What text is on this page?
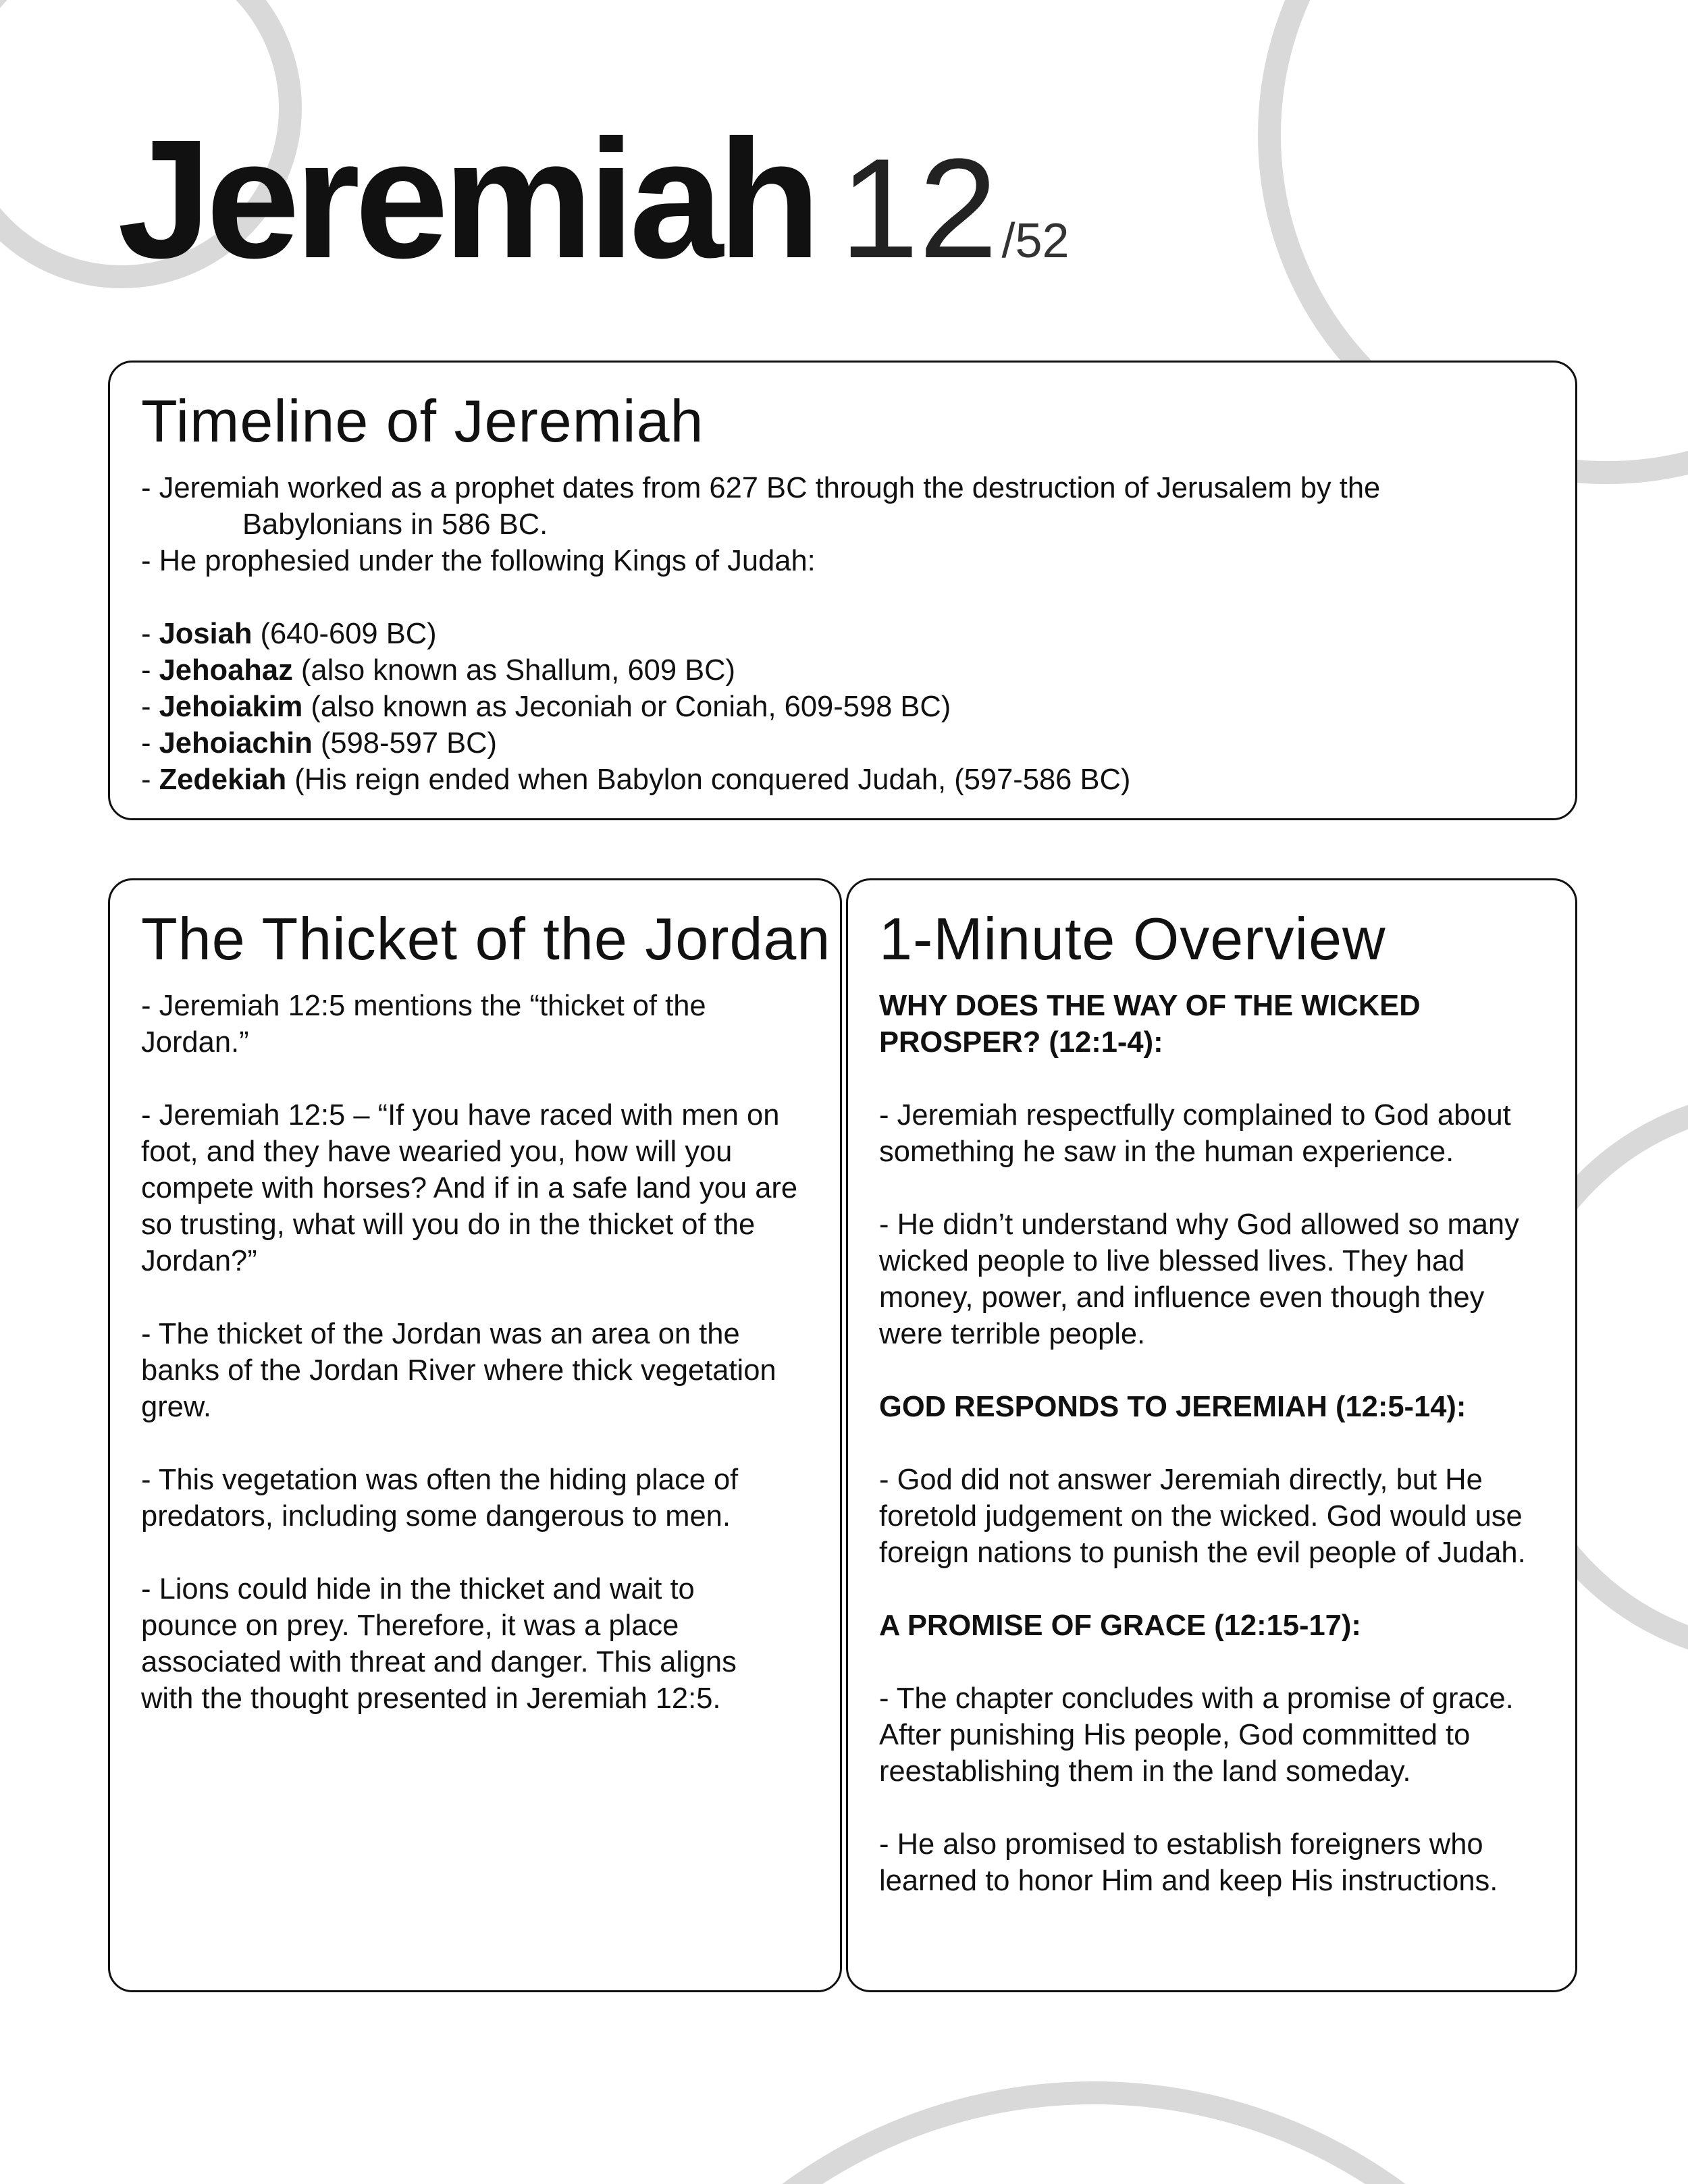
Jeremiah 12/52
Timeline of Jeremiah

- Jeremiah worked as a prophet dates from 627 BC through the destruction of Jerusalem by the

Babylonians in 586 BC.

- He prophesied under the following Kings of Judah:

- Josiah (640-609 BC)

- Jehoahaz (also known as Shallum, 609 BC)

- Jehoiakim (also known as Jeconiah or Coniah, 609-598 BC)

- Jehoiachin (598-597 BC)

- Zedekiah (His reign ended when Babylon conquered Judah, (597-586 BC)

The Thicket of the Jordan

- Jeremiah 12:5 mentions the “thicket of the

Jordan.”

- Jeremiah 12:5 – “If you have raced with men on

foot, and they have wearied you, how will you

compete with horses? And if in a safe land you are

so trusting, what will you do in the thicket of the

Jordan?”

- The thicket of the Jordan was an area on the

banks of the Jordan River where thick vegetation

grew.

- This vegetation was often the hiding place of

predators, including some dangerous to men.

- Lions could hide in the thicket and wait to

pounce on prey. Therefore, it was a place

associated with threat and danger. This aligns

with the thought presented in Jeremiah 12:5.

1-Minute Overview

WHY DOES THE WAY OF THE WICKED

PROSPER? (12:1-4):

- Jeremiah respectfully complained to God about

something he saw in the human experience.

- He didn’t understand why God allowed so many

wicked people to live blessed lives. They had

money, power, and influence even though they

were terrible people.

GOD RESPONDS TO JEREMIAH (12:5-14):

- God did not answer Jeremiah directly, but He

foretold judgement on the wicked. God would use

foreign nations to punish the evil people of Judah.

A PROMISE OF GRACE (12:15-17):

- The chapter concludes with a promise of grace.

After punishing His people, God committed to

reestablishing them in the land someday.

- He also promised to establish foreigners who

learned to honor Him and keep His instructions.
